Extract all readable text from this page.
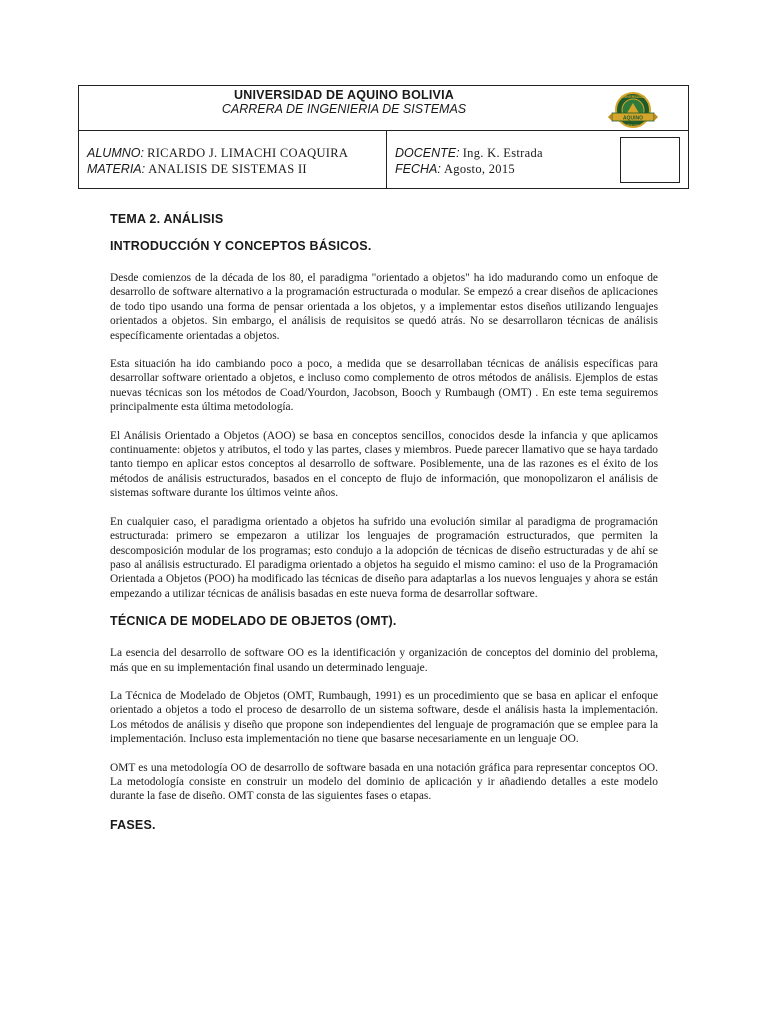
UNIVERSIDAD DE AQUINO BOLIVIA
CARRERA DE INGENIERIA DE SISTEMAS
UNIVERSIDAD
AQUINO
BOLIVIA
ALUMNO: RICARDO J. LIMACHI COAQUIRA
MATERIA: ANALISIS DE SISTEMAS II
DOCENTE: Ing. K. Estrada
FECHA: Agosto, 2015
TEMA 2. ANÁLISIS
INTRODUCCIÓN Y CONCEPTOS BÁSICOS.

Desde comienzos de la década de los 80, el paradigma "orientado a objetos" ha ido madurando como un enfoque de desarrollo de software alternativo a la programación estructurada o modular. Se empezó a crear diseños de aplicaciones de todo tipo usando una forma de pensar orientada a los objetos, y a implementar estos diseños utilizando lenguajes orientados a objetos. Sin embargo, el análisis de requisitos se quedó atrás. No se desarrollaron técnicas de análisis específicamente orientadas a objetos.

Esta situación ha ido cambiando poco a poco, a medida que se desarrollaban técnicas de análisis específicas para desarrollar software orientado a objetos, e incluso como complemento de otros métodos de análisis. Ejemplos de estas nuevas técnicas son los métodos de Coad/Yourdon, Jacobson, Booch y Rumbaugh (OMT) . En este tema seguiremos principalmente esta última metodología.

El Análisis Orientado a Objetos (AOO) se basa en conceptos sencillos, conocidos desde la infancia y que aplicamos continuamente: objetos y atributos, el todo y las partes, clases y miembros. Puede parecer llamativo que se haya tardado tanto tiempo en aplicar estos conceptos al desarrollo de software. Posiblemente, una de las razones es el éxito de los métodos de análisis estructurados, basados en el concepto de flujo de información, que monopolizaron el análisis de sistemas software durante los últimos veinte años.

En cualquier caso, el paradigma orientado a objetos ha sufrido una evolución similar al paradigma de programación estructurada: primero se empezaron a utilizar los lenguajes de programación estructurados, que permiten la descomposición modular de los programas; esto condujo a la adopción de técnicas de diseño estructuradas y de ahí se paso al análisis estructurado. El paradigma orientado a objetos ha seguido el mismo camino: el uso de la Programación Orientada a Objetos (POO) ha modificado las técnicas de diseño para adaptarlas a los nuevos lenguajes y ahora se están empezando a utilizar técnicas de análisis basadas en este nueva forma de desarrollar software.

TÉCNICA DE MODELADO DE OBJETOS (OMT).

La esencia del desarrollo de software OO es la identificación y organización de conceptos del dominio del problema, más que en su implementación final usando un determinado lenguaje.

La Técnica de Modelado de Objetos (OMT, Rumbaugh, 1991) es un procedimiento que se basa en aplicar el enfoque orientado a objetos a todo el proceso de desarrollo de un sistema software, desde el análisis hasta la implementación. Los métodos de análisis y diseño que propone son independientes del lenguaje de programación que se emplee para la implementación. Incluso esta implementación no tiene que basarse necesariamente en un lenguaje OO.

OMT es una metodología OO de desarrollo de software basada en una notación gráfica para representar conceptos OO. La metodología consiste en construir un modelo del dominio de aplicación y ir añadiendo detalles a este modelo durante la fase de diseño. OMT consta de las siguientes fases o etapas.

FASES.
